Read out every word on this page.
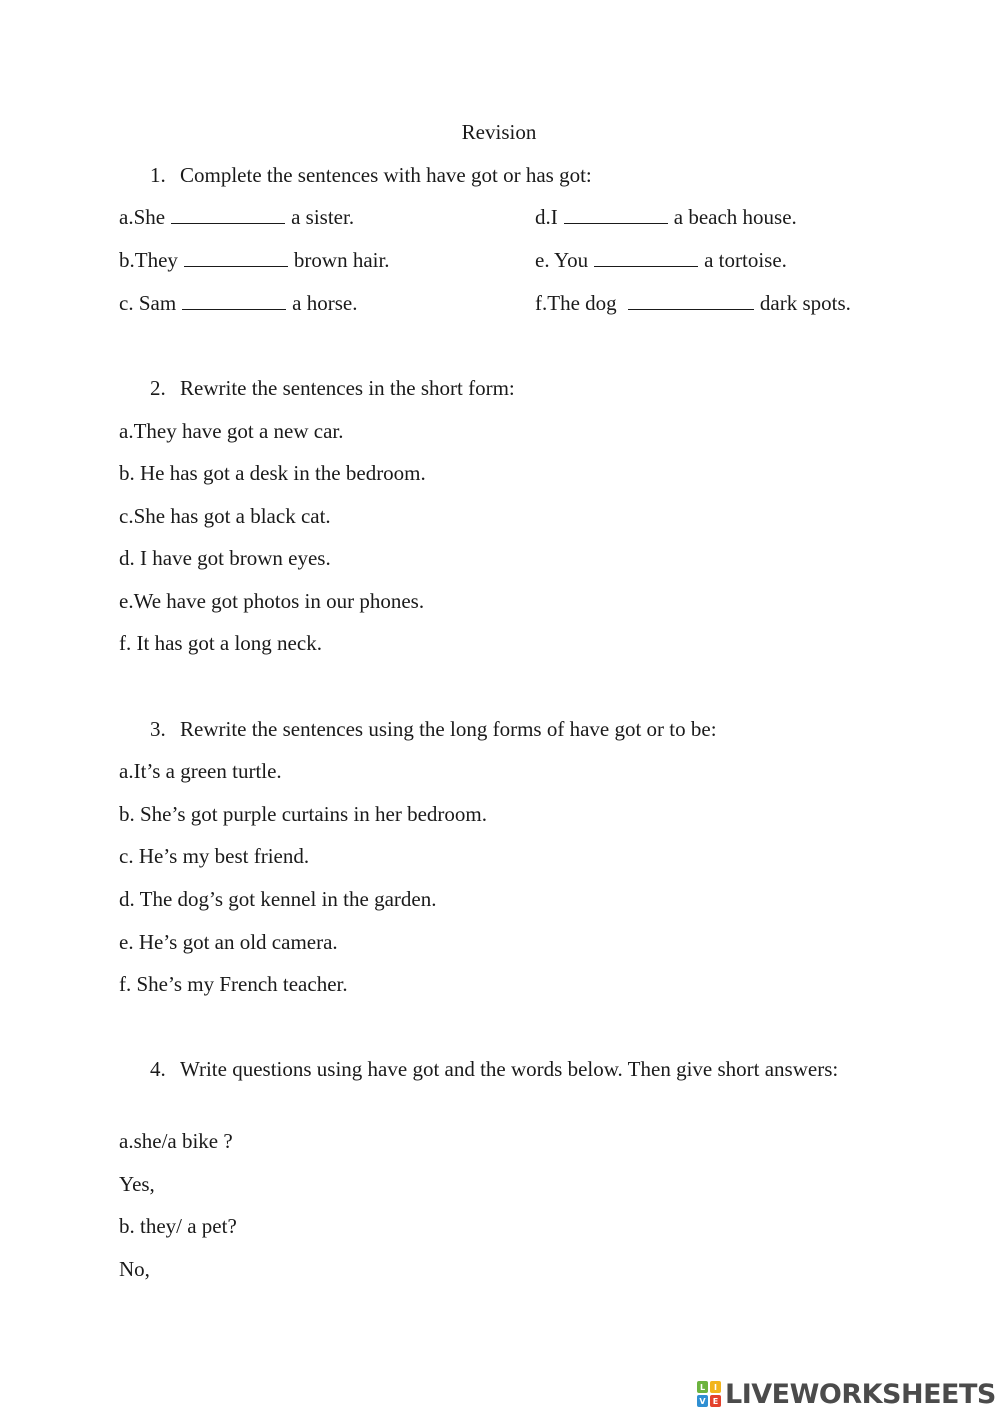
Revision
1. Complete the sentences with have got or has got:
a.She	a sister.	d.I	a beach house.
b.They	brown hair.	e. You	a tortoise.
c. Sam	a horse.	f.The dog	dark spots.
2. Rewrite the sentences in the short form:
a.They have got a new car.
b. He has got a desk in the bedroom.
c.She has got a black cat.
d. I have got brown eyes.
e.We have got photos in our phones.
f. It has got a long neck.
3. Rewrite the sentences using the long forms of have got or to be:
a.It’s a green turtle.
b. She’s got purple curtains in her bedroom.
c. He’s my best friend.
d. The dog’s got kennel in the garden.
e. He’s got an old camera.
f. She’s my French teacher.
4. Write questions using have got and the words below. Then give short answers:
a.she/a bike ?
Yes,
b. they/ a pet?
No,
L	I
V E LIVEWORKSHEETS
